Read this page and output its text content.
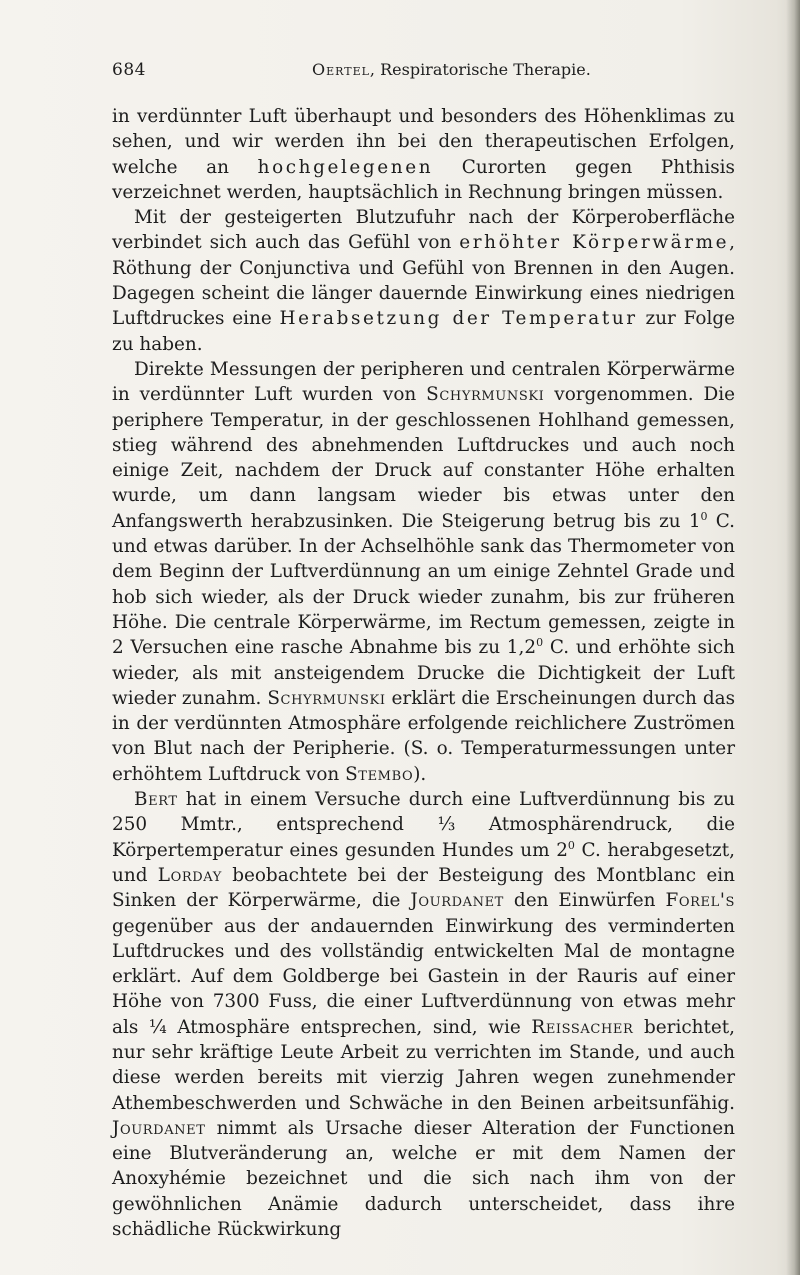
684	Oertel, Respiratorische Therapie.

in verdünnter Luft überhaupt und besonders des Höhenklimas zu sehen, und wir werden ihn bei den therapeutischen Erfolgen, welche an hochgelegenen Curorten gegen Phthisis verzeichnet werden, hauptsächlich in Rechnung bringen müssen.

Mit der gesteigerten Blutzufuhr nach der Körperoberfläche verbindet sich auch das Gefühl von erhöhter Körperwärme, Röthung der Conjunctiva und Gefühl von Brennen in den Augen. Dagegen scheint die länger dauernde Einwirkung eines niedrigen Luftdruckes eine Herabsetzung der Temperatur zur Folge zu haben.

Direkte Messungen der peripheren und centralen Körperwärme in verdünnter Luft wurden von Schyrmunski vorgenommen. Die periphere Temperatur, in der geschlossenen Hohlhand gemessen, stieg während des abnehmenden Luftdruckes und auch noch einige Zeit, nachdem der Druck auf constanter Höhe erhalten wurde, um dann langsam wieder bis etwas unter den Anfangswerth herabzusinken. Die Steigerung betrug bis zu $1^0$ C. und etwas darüber. In der Achselhöhle sank das Thermometer von dem Beginn der Luftverdünnung an um einige Zehntel Grade und hob sich wieder, als der Druck wieder zunahm, bis zur früheren Höhe. Die centrale Körperwärme, im Rectum gemessen, zeigte in 2 Versuchen eine rasche Abnahme bis zu $1,2^0$ C. und erhöhte sich wieder, als mit ansteigendem Drucke die Dichtigkeit der Luft wieder zunahm. Schyrmunski erklärt die Erscheinungen durch das in der verdünnten Atmosphäre erfolgende reichlichere Zuströmen von Blut nach der Peripherie. (S. o. Temperaturmessungen unter erhöhtem Luftdruck von Stembo).

Bert hat in einem Versuche durch eine Luftverdünnung bis zu 250 Mmtr., entsprechend ⅓ Atmosphärendruck, die Körpertemperatur eines gesunden Hundes um $2^0$ C. herabgesetzt, und Lorday beobachtete bei der Besteigung des Montblanc ein Sinken der Körperwärme, die Jourdanet den Einwürfen Forel's gegenüber aus der andauernden Einwirkung des verminderten Luftdruckes und des vollständig entwickelten Mal de montagne erklärt. Auf dem Goldberge bei Gastein in der Rauris auf einer Höhe von 7300 Fuss, die einer Luftverdünnung von etwas mehr als ¼ Atmosphäre entsprechen, sind, wie Reissacher berichtet, nur sehr kräftige Leute Arbeit zu verrichten im Stande, und auch diese werden bereits mit vierzig Jahren wegen zunehmender Athembeschwerden und Schwäche in den Beinen arbeitsunfähig. Jourdanet nimmt als Ursache dieser Alteration der Functionen eine Blutveränderung an, welche er mit dem Namen der Anoxyhémie bezeichnet und die sich nach ihm von der gewöhnlichen Anämie dadurch unterscheidet, dass ihre schädliche Rückwirkung
